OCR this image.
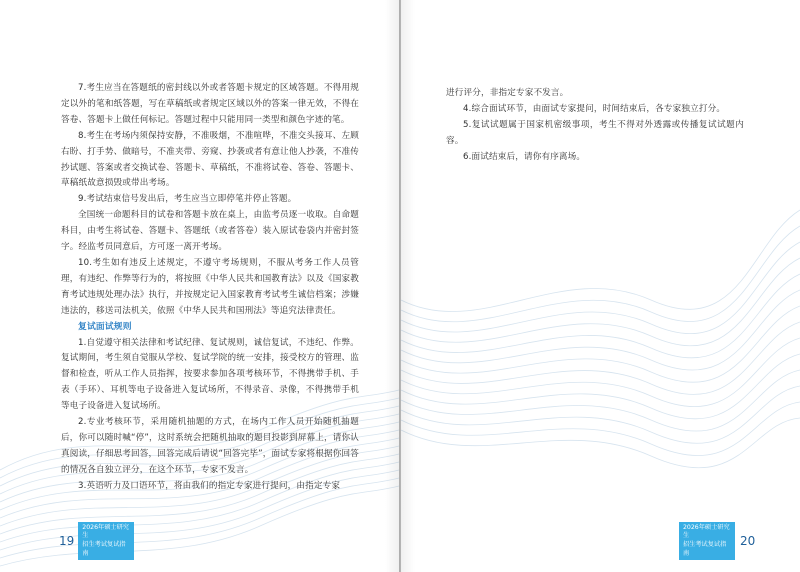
7.考生应当在答题纸的密封线以外或者答题卡规定的区域答题。不得用规定以外的笔和纸答题，写在草稿纸或者规定区域以外的答案一律无效，不得在答卷、答题卡上做任何标记。答题过程中只能用同一类型和颜色字迹的笔。

8.考生在考场内须保持安静，不准吸烟，不准喧哗，不准交头接耳、左顾右盼、打手势、做暗号，不准夹带、旁窥、抄袭或者有意让他人抄袭，不准传抄试题、答案或者交换试卷、答题卡、草稿纸，不准将试卷、答卷、答题卡、草稿纸故意损毁或带出考场。

9.考试结束信号发出后，考生应当立即停笔并停止答题。

全国统一命题科目的试卷和答题卡放在桌上，由监考员逐一收取。自命题科目，由考生将试卷、答题卡、答题纸（或者答卷）装入原试卷袋内并密封签字。经监考员同意后，方可逐一离开考场。

10.考生如有违反上述规定，不遵守考场规则，不服从考务工作人员管理，有违纪、作弊等行为的，将按照《中华人民共和国教育法》以及《国家教育考试违规处理办法》执行，并按规定记入国家教育考试考生诚信档案；涉嫌违法的，移送司法机关，依照《中华人民共和国刑法》等追究法律责任。

复试面试规则

1.自觉遵守相关法律和考试纪律、复试规则，诚信复试，不违纪、作弊。复试期间，考生须自觉服从学校、复试学院的统一安排，接受校方的管理、监督和检查，听从工作人员指挥，按要求参加各项考核环节，不得携带手机、手表（手环）、耳机等电子设备进入复试场所，不得录音、录像，不得携带手机等电子设备进入复试场所。

2.专业考核环节，采用随机抽题的方式，在场内工作人员开始随机抽题后，你可以随时喊“停”，这时系统会把随机抽取的题目投影到屏幕上，请你认真阅读，仔细思考回答，回答完成后请说“回答完毕”，面试专家将根据你回答的情况各自独立评分，在这个环节，专家不发言。

3.英语听力及口语环节，将由我们的指定专家进行提问，由指定专家

19
2026年硕士研究生
招生考试复试指南

进行评分，非指定专家不发言。

4.综合面试环节，由面试专家提问，时间结束后，各专家独立打分。

5.复试试题属于国家机密级事项，考生不得对外透露或传播复试试题内容。

6.面试结束后，请你有序离场。

2026年硕士研究生
招生考试复试指南
20
